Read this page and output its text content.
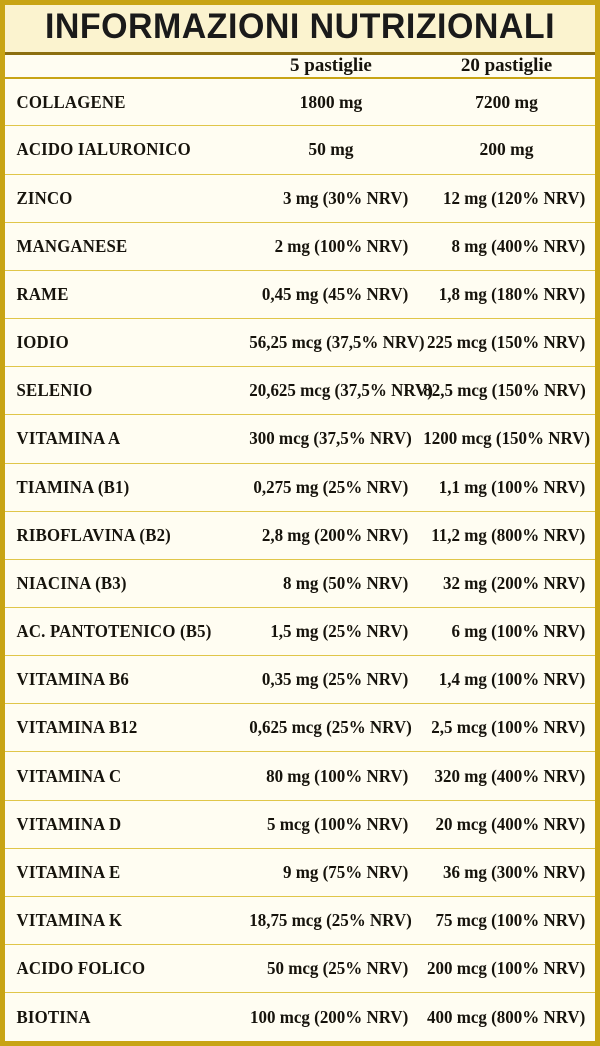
INFORMAZIONI NUTRIZIONALI
	5 pastiglie	20 pastiglie
COLLAGENE	1800 mg	7200 mg
ACIDO IALURONICO	50 mg	200 mg
ZINCO	3 mg (30% NRV)	12 mg (120% NRV)
MANGANESE	2 mg (100% NRV)	8 mg (400% NRV)
RAME	0,45 mg (45% NRV)	1,8 mg (180% NRV)
IODIO	56,25 mcg (37,5% NRV)	225 mcg (150% NRV)
SELENIO	20,625 mcg (37,5% NRV)	82,5 mcg (150% NRV)
VITAMINA A	300 mcg (37,5% NRV)	1200 mcg (150% NRV)
TIAMINA (B1)	0,275 mg (25% NRV)	1,1 mg (100% NRV)
RIBOFLAVINA (B2)	2,8 mg (200% NRV)	11,2 mg (800% NRV)
NIACINA (B3)	8 mg (50% NRV)	32 mg (200% NRV)
AC. PANTOTENICO (B5)	1,5 mg (25% NRV)	6 mg (100% NRV)
VITAMINA B6	0,35 mg (25% NRV)	1,4 mg (100% NRV)
VITAMINA B12	0,625 mcg (25% NRV)	2,5 mcg (100% NRV)
VITAMINA C	80 mg (100% NRV)	320 mg (400% NRV)
VITAMINA D	5 mcg (100% NRV)	20 mcg (400% NRV)
VITAMINA E	9 mg (75% NRV)	36 mg (300% NRV)
VITAMINA K	18,75 mcg (25% NRV)	75 mcg (100% NRV)
ACIDO FOLICO	50 mcg (25% NRV)	200 mcg (100% NRV)
BIOTINA	100 mcg (200% NRV)	400 mcg (800% NRV)
